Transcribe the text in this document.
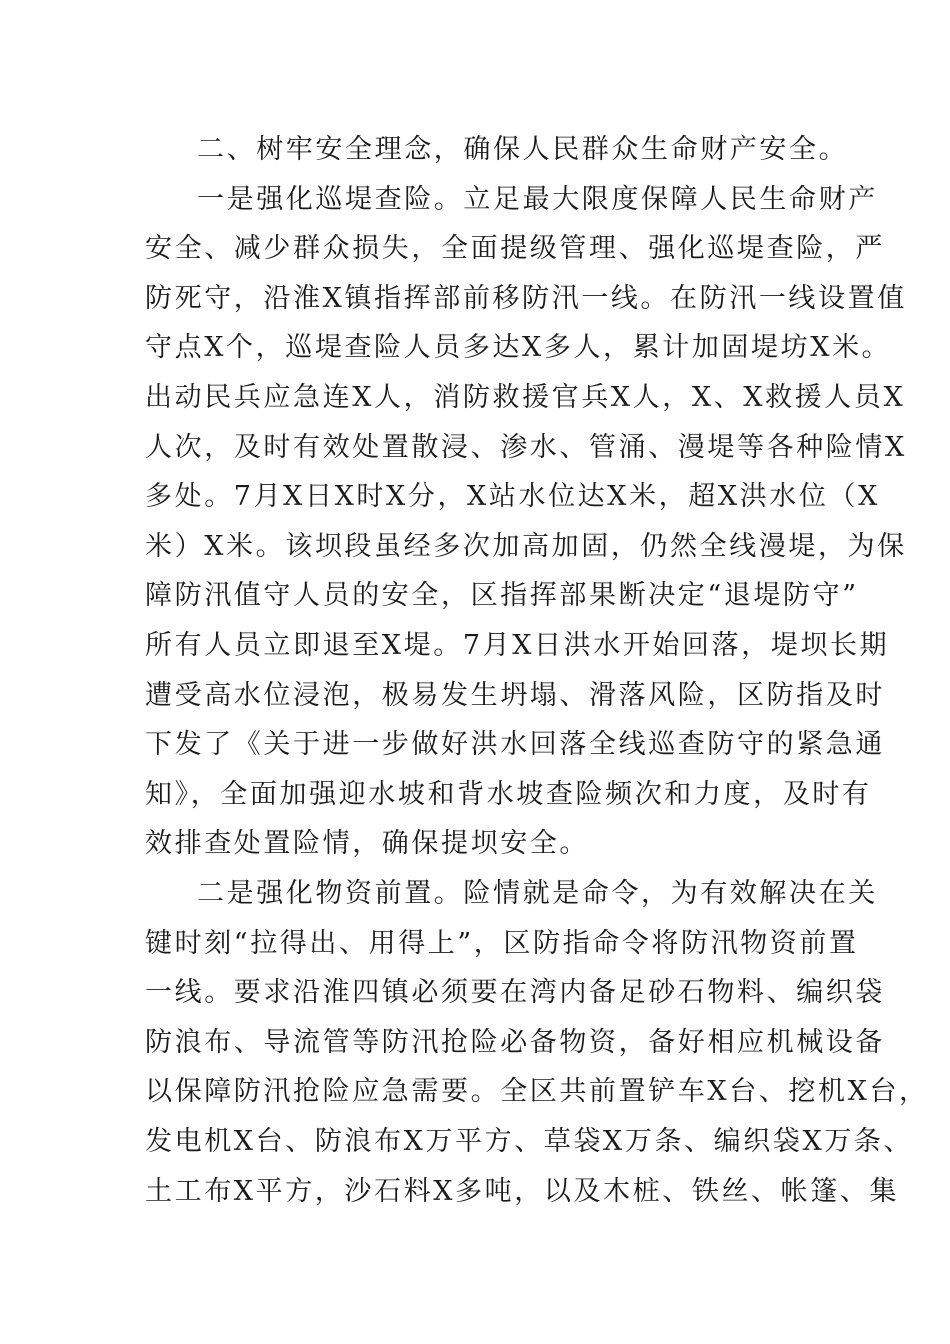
二、树牢安全理念，确保人民群众生命财产安全。

一是强化巡堤查险。立足最大限度保障人民生命财产

安全、减少群众损失，全面提级管理、强化巡堤查险，严

防死守，沿淮X镇指挥部前移防汛一线。在防汛一线设置值

守点X个，巡堤查险人员多达X多人，累计加固堤坊X米。

出动民兵应急连X人，消防救援官兵X人，X、X救援人员X

人次，及时有效处置散浸、渗水、管涌、漫堤等各种险情X

多处。7月X日X时X分，X站水位达X米，超X洪水位（X

米）X米。该坝段虽经多次加高加固，仍然全线漫堤，为保

障防汛值守人员的安全，区指挥部果断决定“退堤防守”

所有人员立即退至X堤。7月X日洪水开始回落，堤坝长期

遭受高水位浸泡，极易发生坍塌、滑落风险，区防指及时

下发了《关于进一步做好洪水回落全线巡查防守的紧急通

知》，全面加强迎水坡和背水坡查险频次和力度，及时有

效排查处置险情，确保提坝安全。

二是强化物资前置。险情就是命令，为有效解决在关

键时刻“拉得出、用得上”，区防指命令将防汛物资前置

一线。要求沿淮四镇必须要在湾内备足砂石物料、编织袋

防浪布、导流管等防汛抢险必备物资，备好相应机械设备

以保障防汛抢险应急需要。全区共前置铲车X台、挖机X台，

发电机X台、防浪布X万平方、草袋X万条、编织袋X万条、

土工布X平方，沙石料X多吨，以及木桩、铁丝、帐篷、集
